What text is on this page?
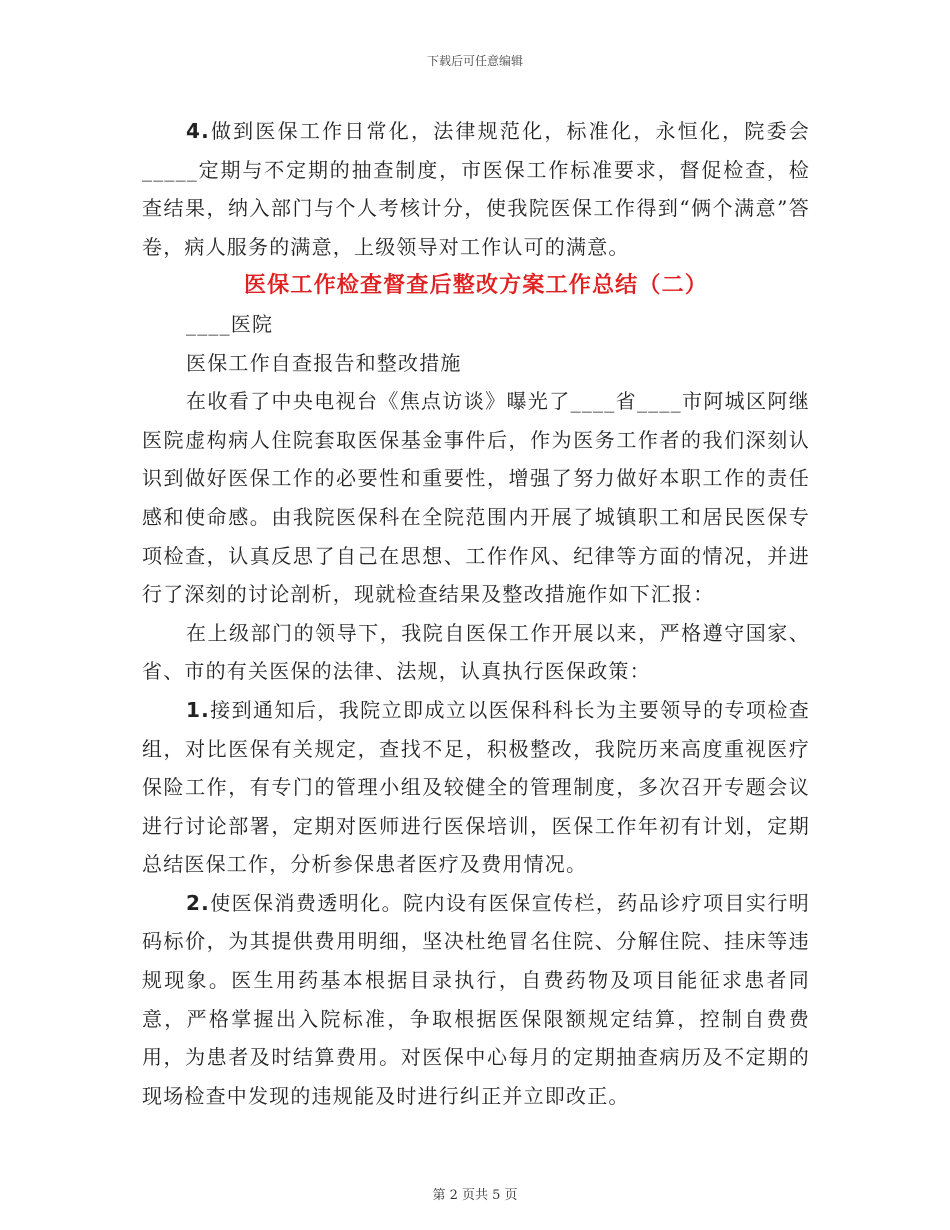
下载后可任意编辑

4.做到医保工作日常化，法律规范化，标准化，永恒化，院委会_____定期与不定期的抽查制度，市医保工作标准要求，督促检查，检查结果，纳入部门与个人考核计分，使我院医保工作得到“俩个满意”答卷，病人服务的满意，上级领导对工作认可的满意。

医保工作检查督查后整改方案工作总结（二）

____医院

医保工作自查报告和整改措施

在收看了中央电视台《焦点访谈》曝光了____省____市阿城区阿继医院虚构病人住院套取医保基金事件后，作为医务工作者的我们深刻认识到做好医保工作的必要性和重要性，增强了努力做好本职工作的责任感和使命感。由我院医保科在全院范围内开展了城镇职工和居民医保专项检查，认真反思了自己在思想、工作作风、纪律等方面的情况，并进行了深刻的讨论剖析，现就检查结果及整改措施作如下汇报：

在上级部门的领导下，我院自医保工作开展以来，严格遵守国家、省、市的有关医保的法律、法规，认真执行医保政策：

1.接到通知后，我院立即成立以医保科科长为主要领导的专项检查组，对比医保有关规定，查找不足，积极整改，我院历来高度重视医疗保险工作，有专门的管理小组及较健全的管理制度，多次召开专题会议进行讨论部署，定期对医师进行医保培训，医保工作年初有计划，定期总结医保工作，分析参保患者医疗及费用情况。

2.使医保消费透明化。院内设有医保宣传栏，药品诊疗项目实行明码标价，为其提供费用明细，坚决杜绝冒名住院、分解住院、挂床等违规现象。医生用药基本根据目录执行，自费药物及项目能征求患者同意，严格掌握出入院标准，争取根据医保限额规定结算，控制自费费用，为患者及时结算费用。对医保中心每月的定期抽查病历及不定期的现场检查中发现的违规能及时进行纠正并立即改正。

第 2 页共 5 页
